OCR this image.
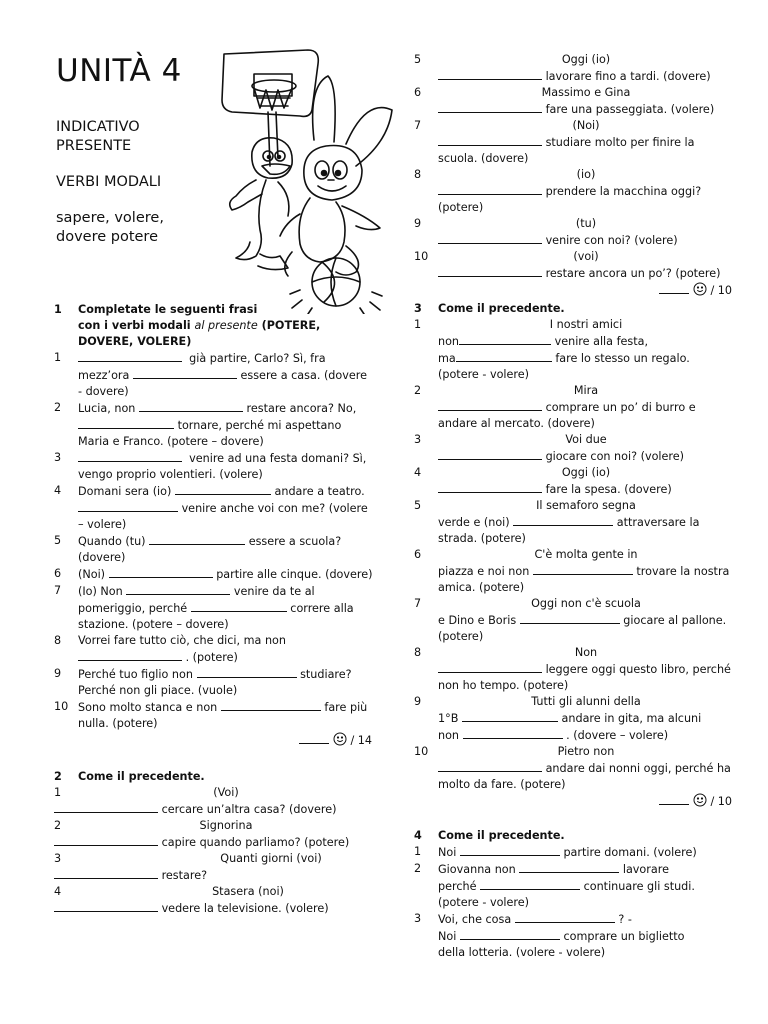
UNITÀ 4
INDICATIVO PRESENTE
VERBI MODALI
sapere, volere, dovere potere
1 Completate le seguenti frasi
con i verbi modali al presente (POTERE, DOVERE, VOLERE)
1	già partire, Carlo? Sì, fra mezz’ora	essere a casa. (dovere - dovere)
2 Lucia, non	restare ancora? No,  tornare, perché mi aspettano Maria e Franco. (potere – dovere)
3	venire ad una festa domani? Sì, vengo proprio volentieri. (volere)
4 Domani sera (io)	andare a teatro.  venire anche voi con me? (volere – volere)
5 Quando (tu)	essere a scuola? (dovere)
6 (Noi)	partire alle cinque. (dovere)
7 (Io) Non	venire da te al pomeriggio, perché	correre alla stazione. (potere – dovere)
8 Vorrei fare tutto ciò, che dici, ma non  . (potere)
9 Perché tuo figlio non	studiare? Perché non gli piace. (vuole)
10 Sono molto stanca e non	fare più nulla. (potere)
/ 14
2 Come il precedente.
1	(Voi)
cercare un’altra casa? (dovere)
2	Signorina
capire quando parliamo? (potere)
3	Quanti giorni (voi)
restare?
4	Stasera (noi)
vedere la televisione. (volere)
5	Oggi (io)
lavorare fino a tardi. (dovere)
6	Massimo e Gina
fare una passeggiata. (volere)
7	(Noi)
studiare molto per finire la scuola. (dovere)
8	(io)
prendere la macchina oggi? (potere)
9	(tu)
venire con noi? (volere)
10	(voi)
restare ancora un po’? (potere)
/ 10
3 Come il precedente.
1	I nostri amici
non	venire alla festa,
ma	fare lo stesso un regalo. (potere - volere)
2	Mira
comprare un po’ di burro e andare al mercato. (dovere)
3	Voi due
giocare con noi? (volere)
4	Oggi (io)
fare la spesa. (dovere)
5	Il semaforo segna
verde e (noi)	attraversare la strada. (potere)
6	C'è molta gente in
piazza e noi non	trovare la nostra amica. (potere)
7	Oggi non c'è scuola
e Dino e Boris	giocare al pallone. (potere)
8	Non
leggere oggi questo libro, perché non ho tempo. (potere)
9	Tutti gli alunni della
1°B	andare in gita, ma alcuni
non	. (dovere – volere)
10	Pietro non
andare dai nonni oggi, perché ha molto da fare. (potere)
/ 10
4 Come il precedente.
1 Noi	partire domani. (volere)
2 Giovanna non	lavorare
perché	continuare gli studi. (potere - volere)
3 Voi, che cosa	? -
Noi	comprare un biglietto
della lotteria. (volere - volere)
